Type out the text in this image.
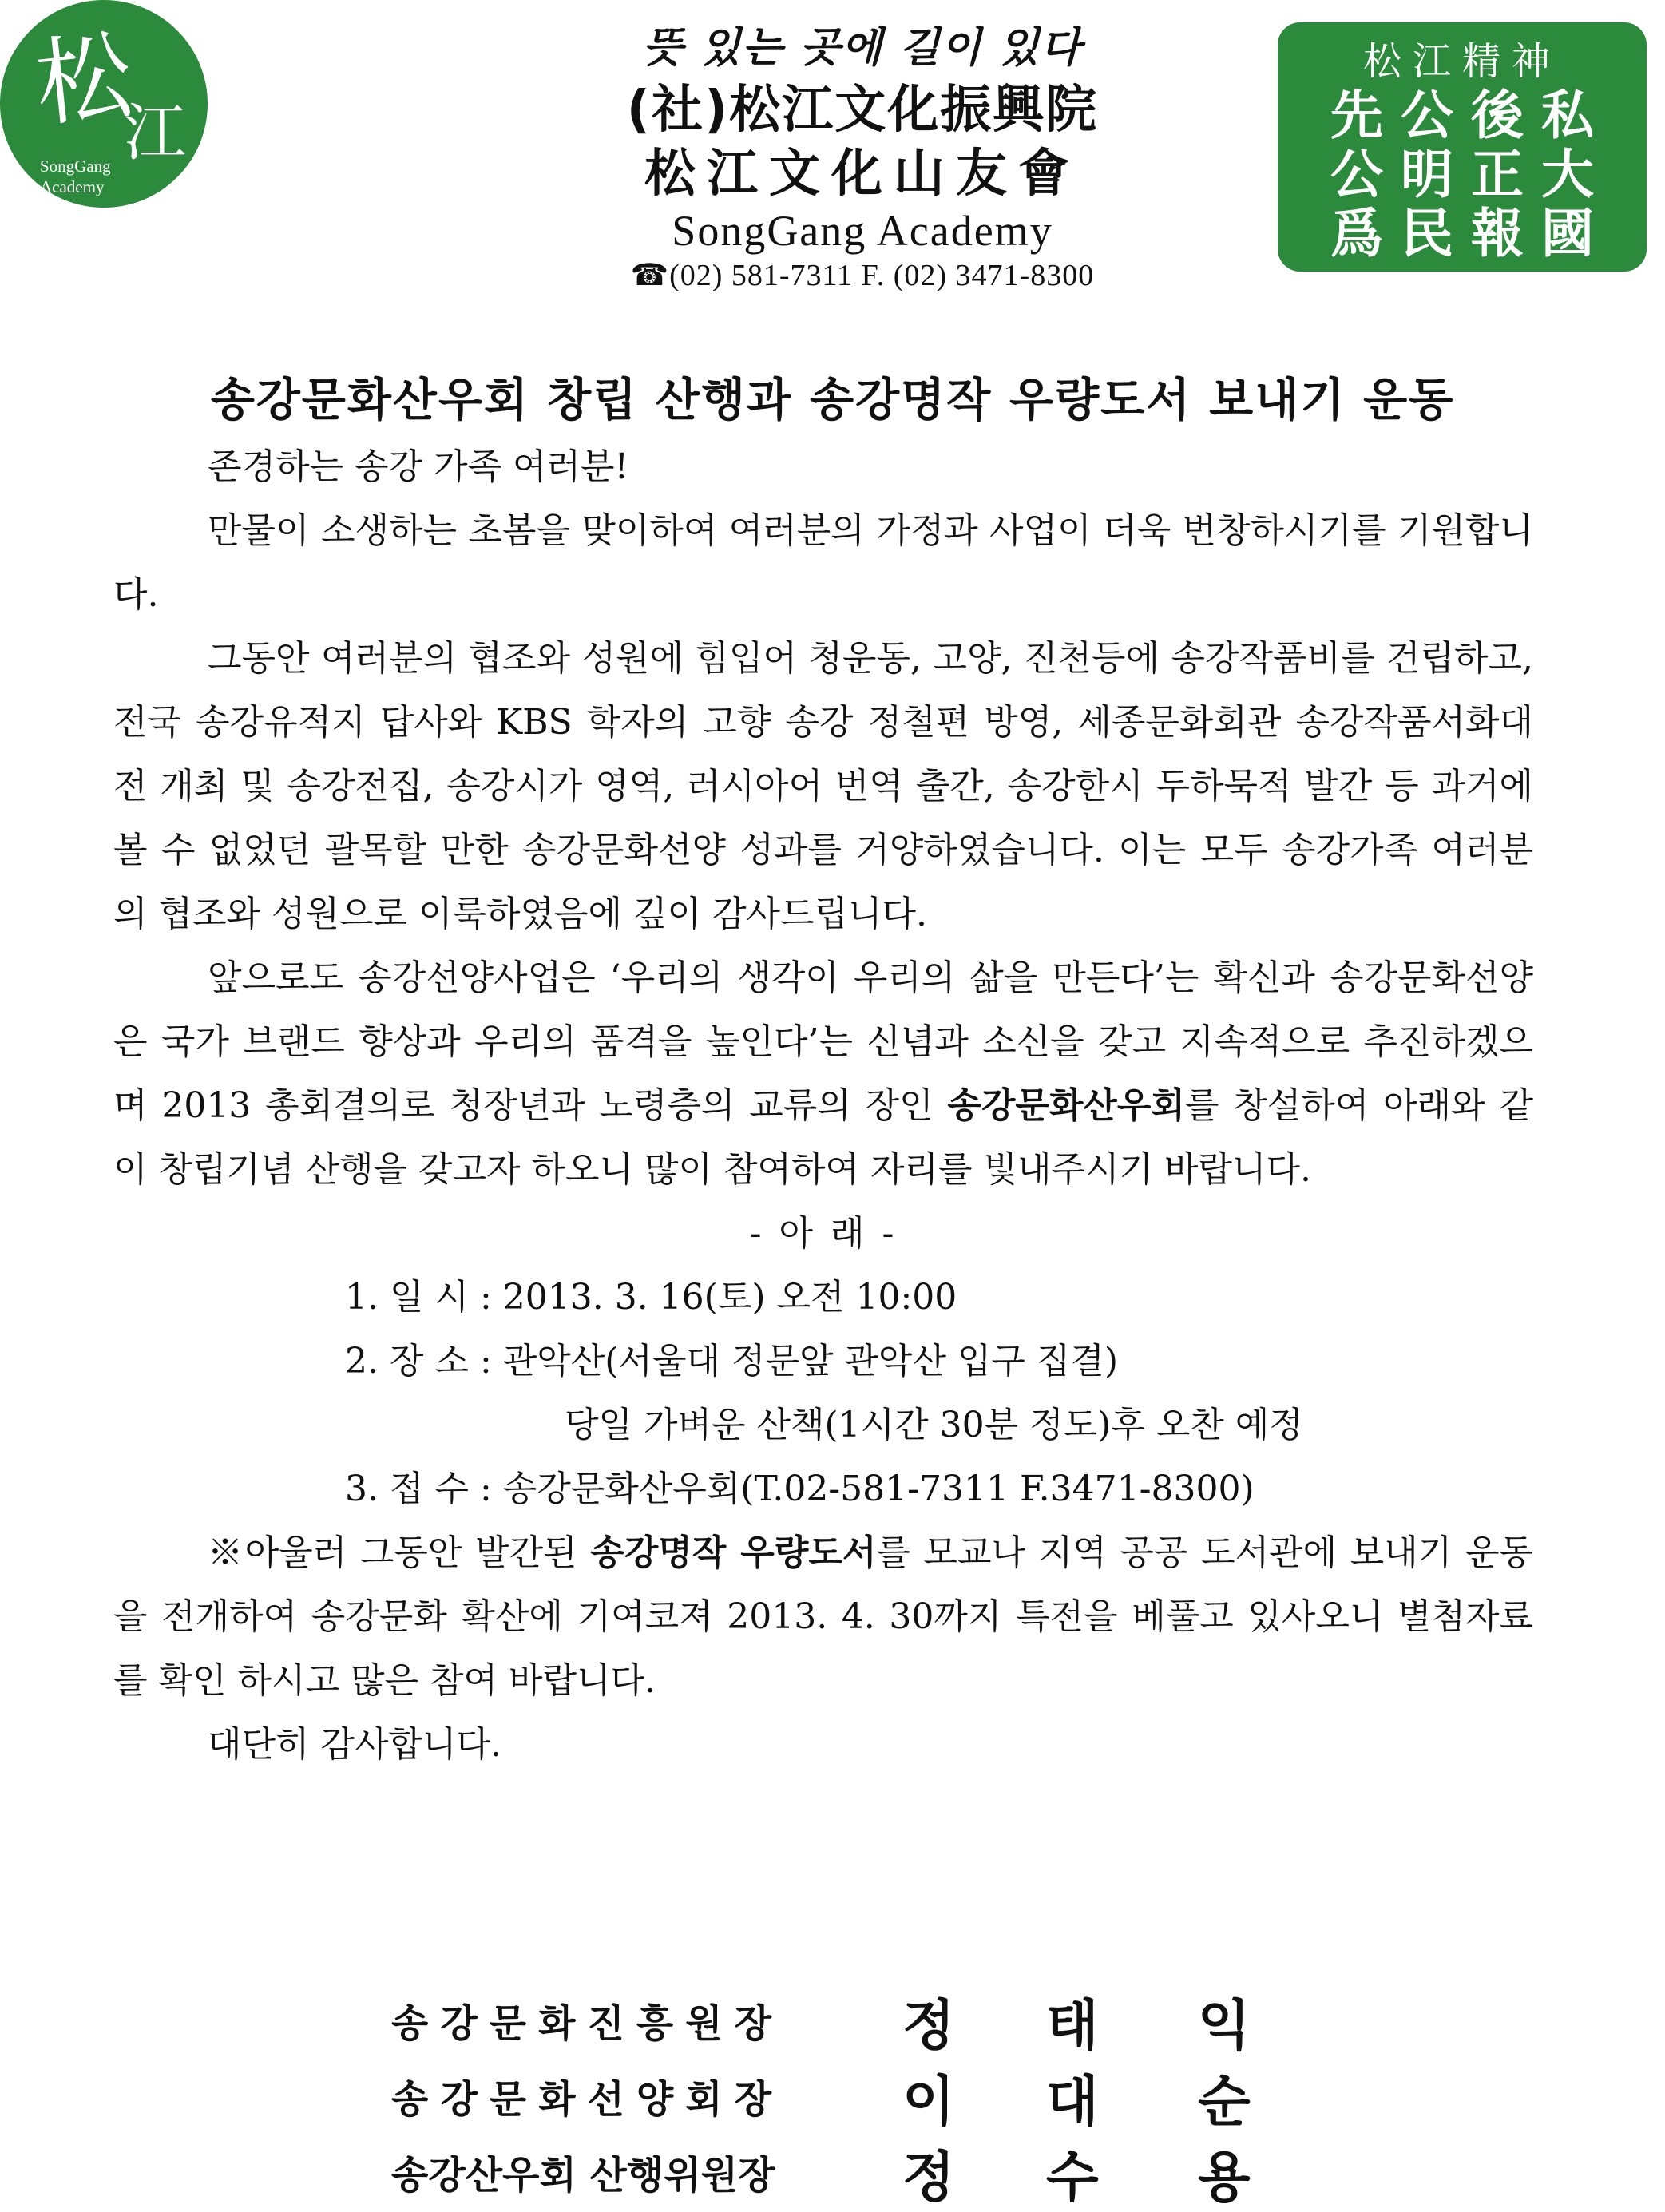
松
江
SongGang
Academy
뜻 있는 곳에 길이 있다
(社)松江文化振興院
松江文化山友會
SongGang Academy
☎(02) 581-7311 F. (02) 3471-8300
松江精神
先公後私
公明正大
爲民報國
송강문화산우회 창립 산행과 송강명작 우량도서 보내기 운동

존경하는 송강 가족 여러분!

만물이 소생하는 초봄을 맞이하여 여러분의 가정과 사업이 더욱 번창하시기를 기원합니다.

그동안 여러분의 협조와 성원에 힘입어 청운동, 고양, 진천등에 송강작품비를 건립하고, 전국 송강유적지 답사와 KBS 학자의 고향 송강 정철편 방영, 세종문화회관 송강작품서화대전 개최 및 송강전집, 송강시가 영역, 러시아어 번역 출간, 송강한시 두하묵적 발간 등 과거에 볼 수 없었던 괄목할 만한 송강문화선양 성과를 거양하였습니다. 이는 모두 송강가족 여러분의 협조와 성원으로 이룩하였음에 깊이 감사드립니다.

앞으로도 송강선양사업은 ‘우리의 생각이 우리의 삶을 만든다’는 확신과 송강문화선양은 국가 브랜드 향상과 우리의 품격을 높인다’는 신념과 소신을 갖고 지속적으로 추진하겠으며 2013 총회결의로 청장년과 노령층의 교류의 장인 송강문화산우회를 창설하여 아래와 같이 창립기념 산행을 갖고자 하오니 많이 참여하여 자리를 빛내주시기 바랍니다.

- 아 래 -

1. 일 시 : 2013. 3. 16(토) 오전 10:00

2. 장 소 : 관악산(서울대 정문앞 관악산 입구 집결)

당일 가벼운 산책(1시간 30분 정도)후 오찬 예정

3. 접 수 : 송강문화산우회(T.02-581-7311 F.3471-8300)

※아울러 그동안 발간된 송강명작 우량도서를 모교나 지역 공공 도서관에 보내기 운동을 전개하여 송강문화 확산에 기여코져 2013. 4. 30까지 특전을 베풀고 있사오니 별첨자료를 확인 하시고 많은 참여 바랍니다.

대단히 감사합니다.

송강문화진흥원장 정 태 익
송강문화선양회장 이 대 순
송강산우회 산행위원장 정 수 용
